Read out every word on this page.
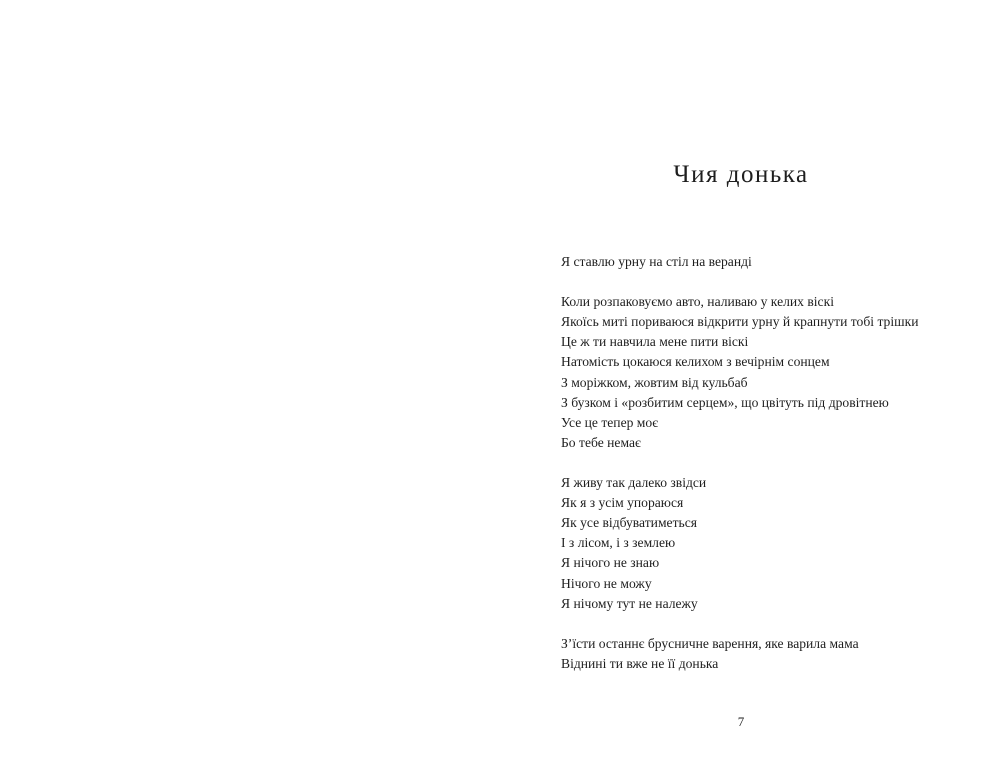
Чия донька
Я ставлю урну на стіл на веранді
Коли розпаковуємо авто, наливаю у келих віскі
Якоїсь миті пориваюся відкрити урну й крапнути тобі трішки
Це ж ти навчила мене пити віскі
Натомість цокаюся келихом з вечірнім сонцем
З моріжком, жовтим від кульбаб
З бузком і «розбитим серцем», що цвітуть під дровітнею
Усе це тепер моє
Бо тебе немає
Я живу так далеко звідси
Як я з усім упораюся
Як усе відбуватиметься
І з лісом, і з землею
Я нічого не знаю
Нічого не можу
Я нічому тут не належу
З’їсти останнє брусничне варення, яке варила мама
Віднині ти вже не її донька
7
